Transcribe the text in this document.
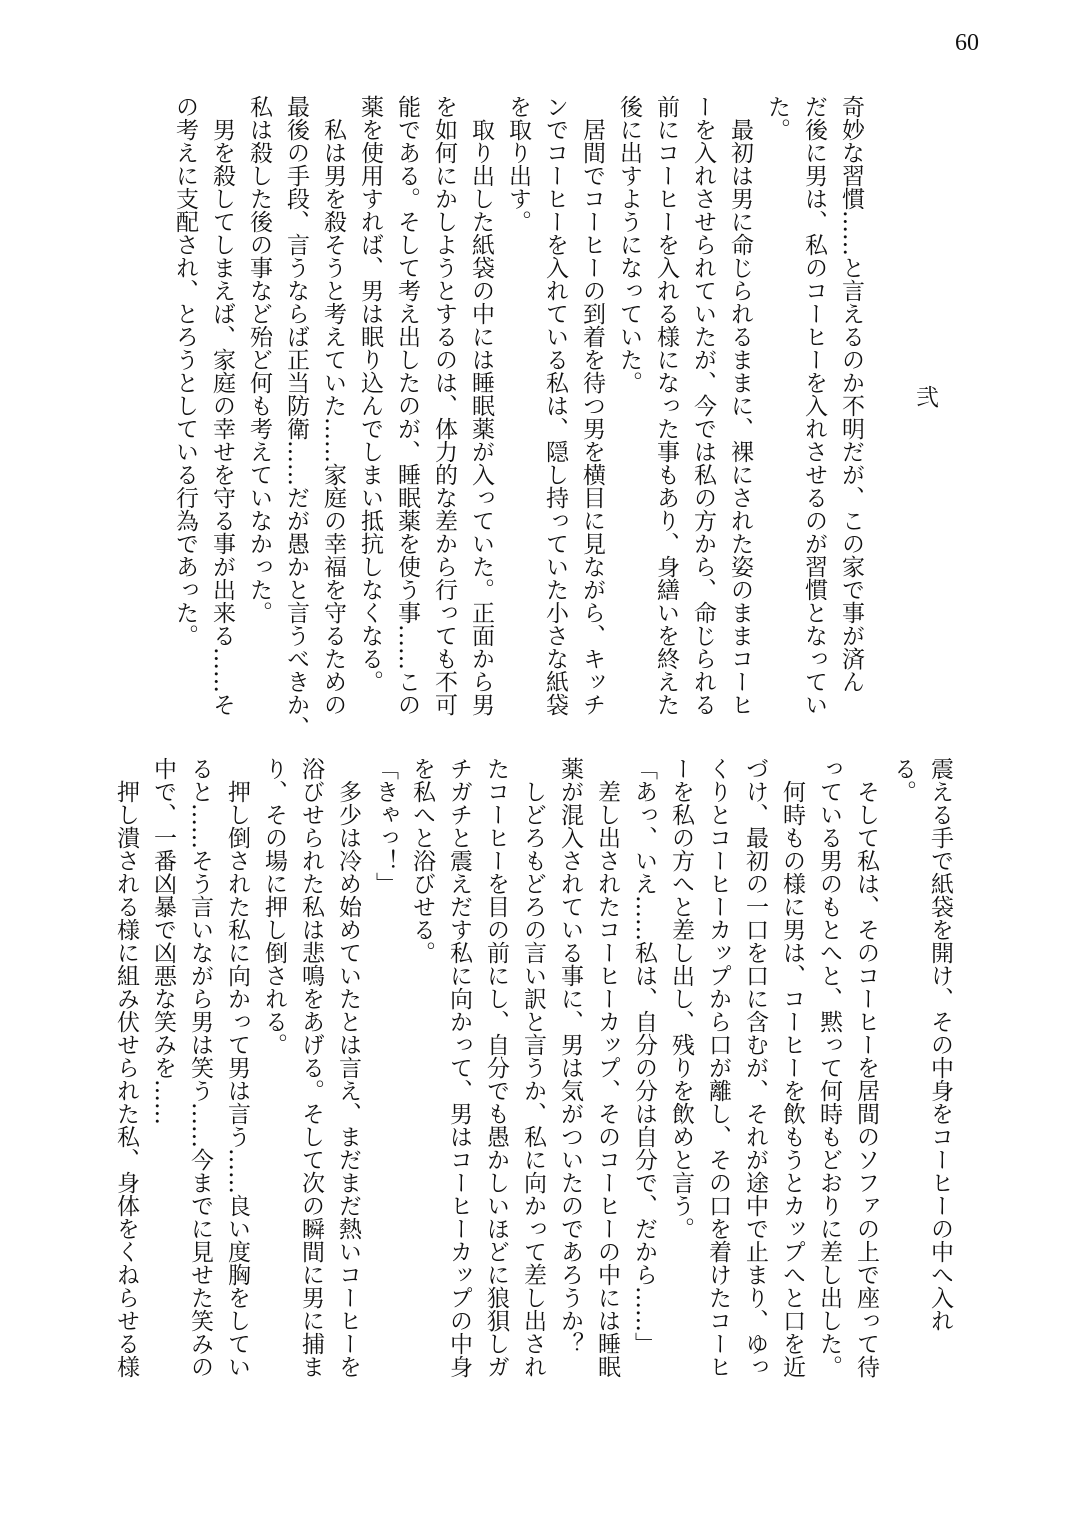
60
弐
奇妙な習慣……と言えるのか不明だが、この家で事が済ん
だ後に男は、私のコーヒーを入れさせるのが習慣となってい
た。
　最初は男に命じられるままに、裸にされた姿のままコーヒ
ーを入れさせられていたが、今では私の方から、命じられる
前にコーヒーを入れる様になった事もあり、身繕いを終えた
後に出すようになっていた。
　居間でコーヒーの到着を待つ男を横目に見ながら、キッチ
ンでコーヒーを入れている私は、隠し持っていた小さな紙袋
を取り出す。
　取り出した紙袋の中には睡眠薬が入っていた。正面から男
を如何にかしようとするのは、体力的な差から行っても不可
能である。そして考え出したのが、睡眠薬を使う事……この
薬を使用すれば、男は眠り込んでしまい抵抗しなくなる。
　私は男を殺そうと考えていた……家庭の幸福を守るための
最後の手段、言うならば正当防衛……だが愚かと言うべきか、
私は殺した後の事など殆ど何も考えていなかった。
　男を殺してしまえば、家庭の幸せを守る事が出来る……そ
の考えに支配され、とろうとしている行為であった。
震える手で紙袋を開け、その中身をコーヒーの中へ入れ
る。
　そして私は、そのコーヒーを居間のソファの上で座って待
っている男のもとへと、黙って何時もどおりに差し出した。
　何時もの様に男は、コーヒーを飲もうとカップへと口を近
づけ、最初の一口を口に含むが、それが途中で止まり、ゆっ
くりとコーヒーカップから口が離し、その口を着けたコーヒ
ーを私の方へと差し出し、残りを飲めと言う。
「あっ、いえ……私は、自分の分は自分で、だから……」
　差し出されたコーヒーカップ、そのコーヒーの中には睡眠
薬が混入されている事に、男は気がついたのであろうか？
　しどろもどろの言い訳と言うか、私に向かって差し出され
たコーヒーを目の前にし、自分でも愚かしいほどに狼狽しガ
チガチと震えだす私に向かって、男はコーヒーカップの中身
を私へと浴びせる。
「きゃっ！」
　多少は冷め始めていたとは言え、まだまだ熱いコーヒーを
浴びせられた私は悲鳴をあげる。そして次の瞬間に男に捕ま
り、その場に押し倒される。
　押し倒された私に向かって男は言う……良い度胸をしてい
ると……そう言いながら男は笑う……今までに見せた笑みの
中で、一番凶暴で凶悪な笑みを……
　押し潰される様に組み伏せられた私、身体をくねらせる様
